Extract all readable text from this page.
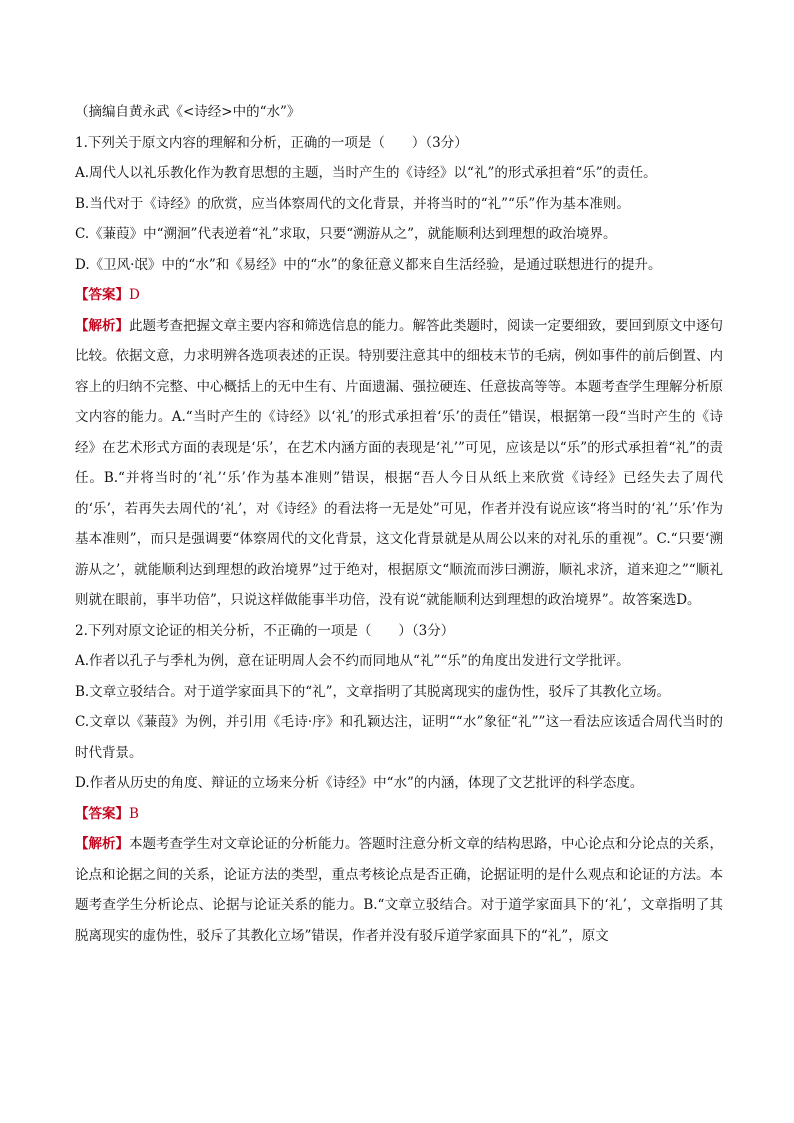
（摘编自黄永武《<诗经>中的“水”》

1.下列关于原文内容的理解和分析，正确的一项是（　　）（3分）

A.周代人以礼乐教化作为教育思想的主题，当时产生的《诗经》以“礼”的形式承担着“乐”的责任。

B.当代对于《诗经》的欣赏，应当体察周代的文化背景，并将当时的“礼”“乐”作为基本准则。

C.《蒹葭》中“溯洄”代表逆着“礼”求取，只要“溯游从之”，就能顺利达到理想的政治境界。

D.《卫风·氓》中的“水”和《易经》中的“水”的象征意义都来自生活经验，是通过联想进行的提升。

【答案】D

【解析】此题考查把握文章主要内容和筛选信息的能力。解答此类题时，阅读一定要细致，要回到原文中逐句比较。依据文意，力求明辨各选项表述的正误。特别要注意其中的细枝末节的毛病，例如事件的前后倒置、内容上的归纳不完整、中心概括上的无中生有、片面遗漏、强拉硬连、任意拔高等等。本题考查学生理解分析原文内容的能力。A.“当时产生的《诗经》以‘礼’的形式承担着‘乐’的责任”错误，根据第一段“当时产生的《诗经》在艺术形式方面的表现是‘乐’，在艺术内涵方面的表现是‘礼’”可见，应该是以“乐”的形式承担着“礼”的责任。B.“并将当时的‘礼’‘乐’作为基本准则”错误，根据“吾人今日从纸上来欣赏《诗经》已经失去了周代的‘乐’，若再失去周代的‘礼’，对《诗经》的看法将一无是处”可见，作者并没有说应该“将当时的‘礼’‘乐’作为基本准则”，而只是强调要“体察周代的文化背景，这文化背景就是从周公以来的对礼乐的重视”。C.“只要‘溯游从之’，就能顺利达到理想的政治境界”过于绝对，根据原文“顺流而涉曰溯游，顺礼求济，道来迎之”“顺礼则就在眼前，事半功倍”，只说这样做能事半功倍，没有说“就能顺利达到理想的政治境界”。故答案选D。

2.下列对原文论证的相关分析，不正确的一项是（　　）（3分）

A.作者以孔子与季札为例，意在证明周人会不约而同地从“礼”“乐”的角度出发进行文学批评。

B.文章立驳结合。对于道学家面具下的“礼”，文章指明了其脱离现实的虚伪性，驳斥了其教化立场。

C.文章以《蒹葭》为例，并引用《毛诗·序》和孔颖达注，证明““水”象征“礼””这一看法应该适合周代当时的时代背景。

D.作者从历史的角度、辩证的立场来分析《诗经》中“水”的内涵，体现了文艺批评的科学态度。

【答案】B

【解析】本题考查学生对文章论证的分析能力。答题时注意分析文章的结构思路，中心论点和分论点的关系，论点和论据之间的关系，论证方法的类型，重点考核论点是否正确，论据证明的是什么观点和论证的方法。本题考查学生分析论点、论据与论证关系的能力。B.“文章立驳结合。对于道学家面具下的‘礼’，文章指明了其脱离现实的虚伪性，驳斥了其教化立场”错误，作者并没有驳斥道学家面具下的“礼”，原文
